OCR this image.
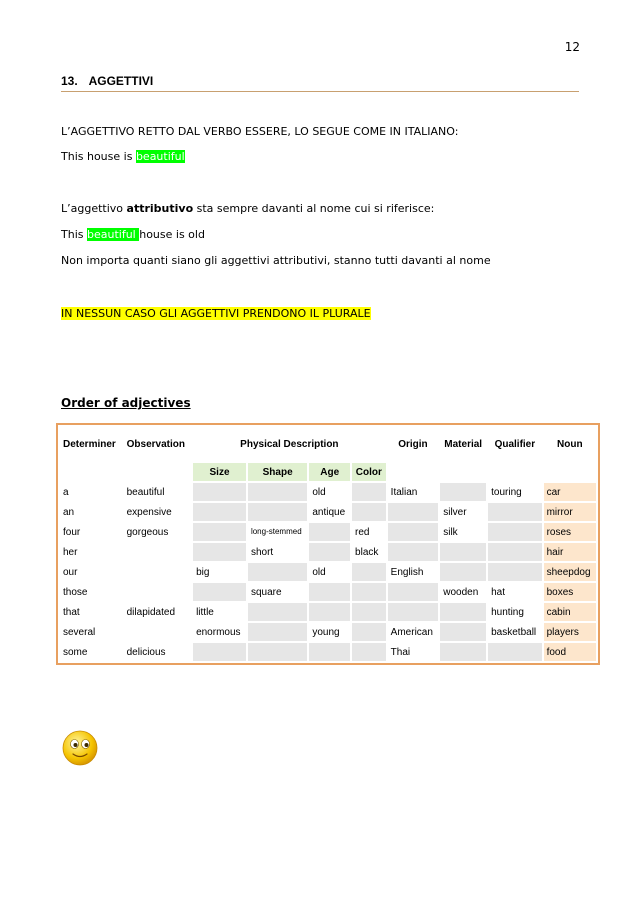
12
13. AGGETTIVI
L’AGGETTIVO RETTO DAL VERBO ESSERE, LO SEGUE COME IN ITALIANO:
This house is beautiful
L’aggettivo attributivo sta sempre davanti al nome cui si riferisce:
This beautiful house is old
Non importa quanti siano gli aggettivi attributivi, stanno tutti davanti al nome
IN NESSUN CASO GLI AGGETTIVI PRENDONO IL PLURALE
Order of adjectives
Determiner	Observation	Physical Description				Origin	Material	Qualifier	Noun
		Size	Shape	Age	Color				
a	beautiful			old		Italian		touring	car
an	expensive			antique			silver		mirror
four	gorgeous		long-stemmed		red		silk		roses
her			short		black				hair
our		big		old		English			sheepdog
those			square				wooden	hat	boxes
that	dilapidated	little						hunting	cabin
several		enormous		young		American		basketball	players
some	delicious					Thai			food
